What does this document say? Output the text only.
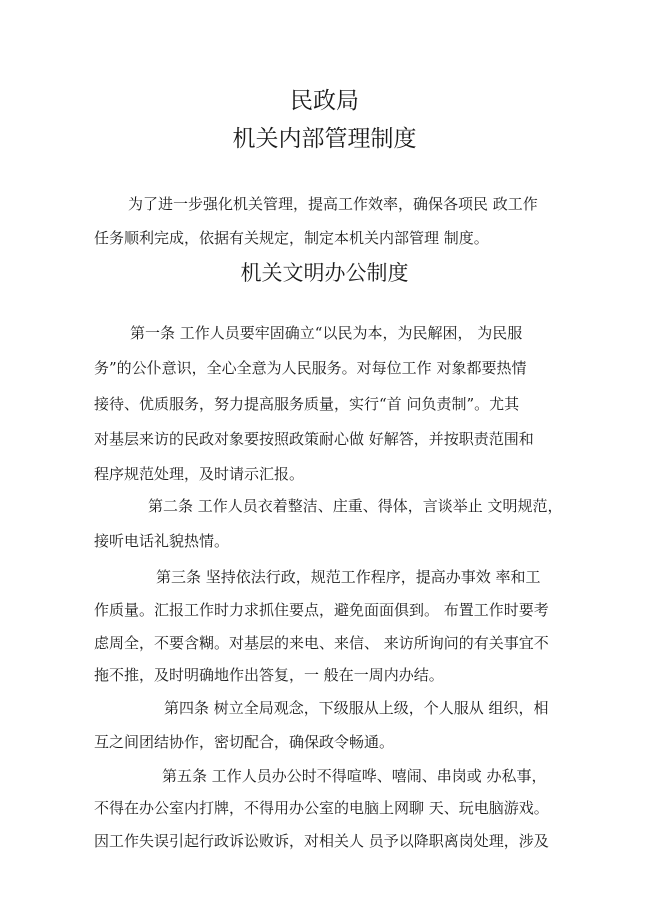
民政局
机关内部管理制度
为了进一步强化机关管理，提高工作效率，确保各项民 政工作
任务顺利完成，依据有关规定，制定本机关内部管理 制度。
机关文明办公制度
第一条 工作人员要牢固确立“以民为本，为民解困， 为民服
务”的公仆意识，全心全意为人民服务。对每位工作 对象都要热情
接待、优质服务，努力提高服务质量，实行“首 问负责制”。尤其
对基层来访的民政对象要按照政策耐心做 好解答，并按职责范围和
程序规范处理，及时请示汇报。
第二条 工作人员衣着整洁、庄重、得体，言谈举止 文明规范，
接听电话礼貌热情。
第三条 坚持依法行政，规范工作程序，提高办事效 率和工
作质量。汇报工作时力求抓住要点，避免面面俱到。 布置工作时要考
虑周全，不要含糊。对基层的来电、来信、 来访所询问的有关事宜不
拖不推，及时明确地作出答复，一 般在一周内办结。
第四条 树立全局观念，下级服从上级，个人服从 组织，相
互之间团结协作，密切配合，确保政令畅通。
第五条 工作人员办公时不得喧哗、嘻闹、串岗或 办私事，
不得在办公室内打牌，不得用办公室的电脑上网聊 天、玩电脑游戏。
因工作失误引起行政诉讼败诉，对相关人 员予以降职离岗处理，涉及
